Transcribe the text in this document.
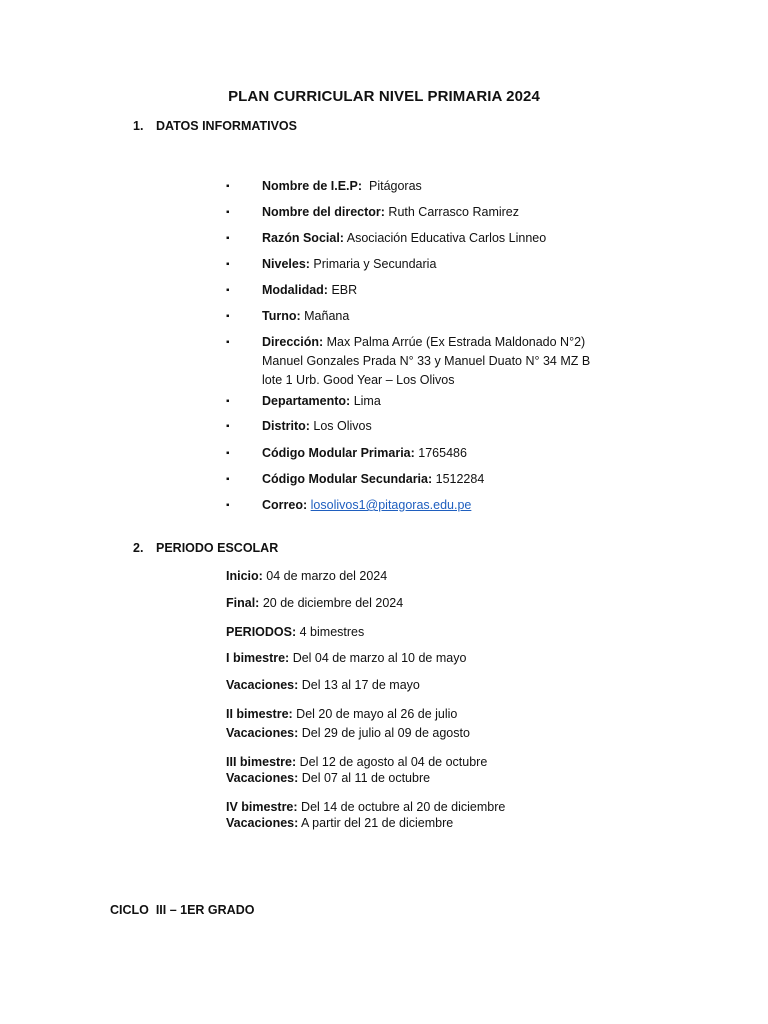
PLAN CURRICULAR NIVEL PRIMARIA 2024
1. DATOS INFORMATIVOS
▪	Nombre de I.E.P:  Pitágoras
▪	Nombre del director: Ruth Carrasco Ramirez
▪	Razón Social: Asociación Educativa Carlos Linneo
▪	Niveles: Primaria y Secundaria
▪	Modalidad: EBR
▪	Turno: Mañana
▪	Dirección: Max Palma Arrúe (Ex Estrada Maldonado N°2) Manuel Gonzales Prada N° 33 y Manuel Duato N° 34 MZ B lote 1 Urb. Good Year – Los Olivos
▪	Departamento: Lima
▪	Distrito: Los Olivos
▪	Código Modular Primaria: 1765486
▪	Código Modular Secundaria: 1512284
▪	Correo: losolivos1@pitagoras.edu.pe
2. PERIODO ESCOLAR
Inicio: 04 de marzo del 2024
Final: 20 de diciembre del 2024
PERIODOS: 4 bimestres
I bimestre: Del 04 de marzo al 10 de mayo
Vacaciones: Del 13 al 17 de mayo
II bimestre: Del 20 de mayo al 26 de julio
Vacaciones: Del 29 de julio al 09 de agosto
III bimestre: Del 12 de agosto al 04 de octubre
Vacaciones: Del 07 al 11 de octubre
IV bimestre: Del 14 de octubre al 20 de diciembre
Vacaciones: A partir del 21 de diciembre
CICLO  III – 1ER GRADO
